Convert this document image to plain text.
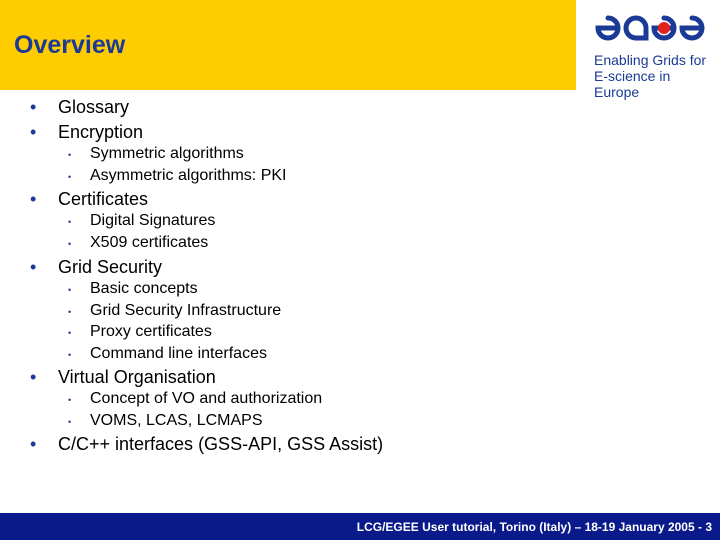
Overview
Enabling Grids for
E-science in Europe
• Glossary
• Encryption
• Symmetric algorithms
• Asymmetric algorithms: PKI
• Certificates
• Digital Signatures
• X509 certificates
• Grid Security
• Basic concepts
• Grid Security Infrastructure
• Proxy certificates
• Command line interfaces
• Virtual Organisation
• Concept of VO and authorization
• VOMS, LCAS, LCMAPS
• C/C++ interfaces (GSS-API, GSS Assist)
LCG/EGEE User tutorial, Torino (Italy) – 18-19 January 2005 - 3
